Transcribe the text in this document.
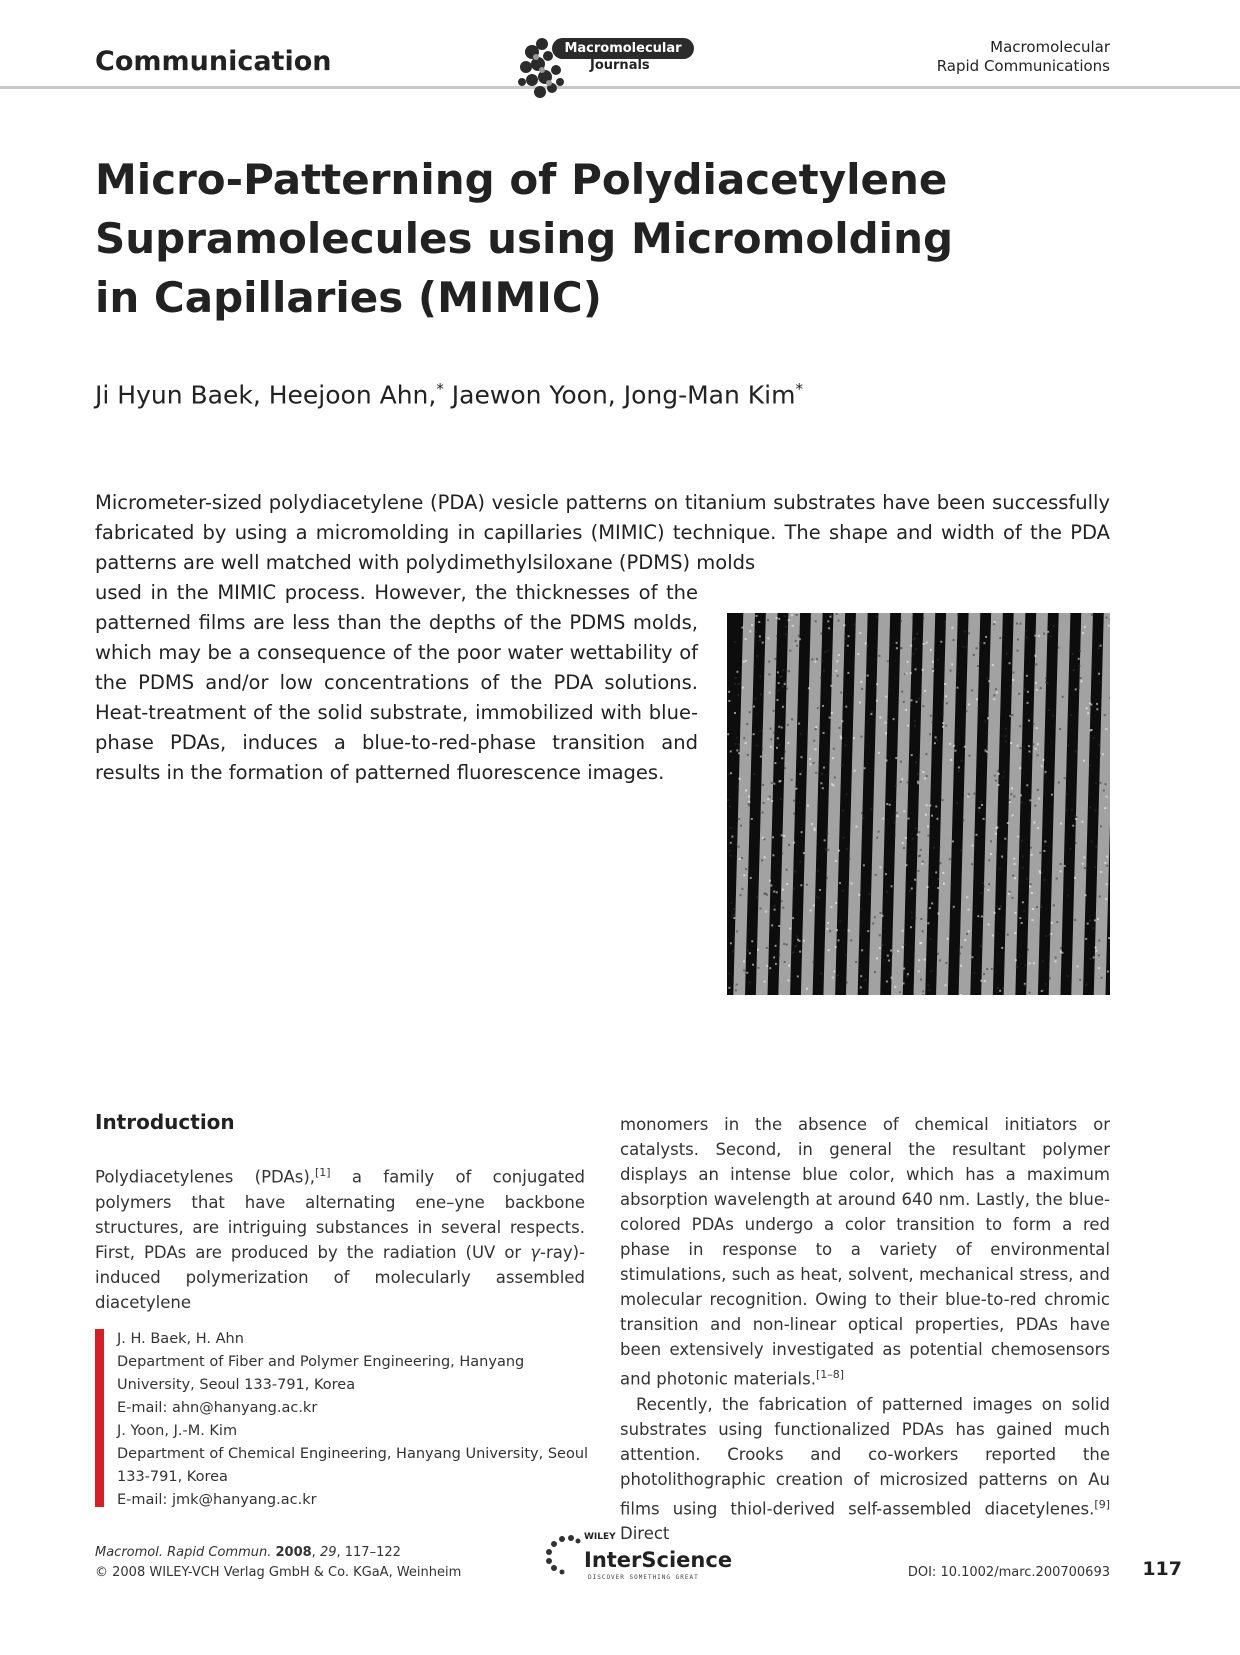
Communication	Macromolecular
Journals
Macromolecular
Rapid Communications
Micro-Patterning of Polydiacetylene Supramolecules using Micromolding in Capillaries (MIMIC)
Ji Hyun Baek, Heejoon Ahn,* Jaewon Yoon, Jong-Man Kim*
Micrometer-sized polydiacetylene (PDA) vesicle patterns on titanium substrates have been successfully fabricated by using a micromolding in capillaries (MIMIC) technique. The shape and width of the PDA patterns are well matched with polydimethylsiloxane (PDMS) molds
used in the MIMIC process. However, the thicknesses of the patterned films are less than the depths of the PDMS molds, which may be a consequence of the poor water wettability of the PDMS and/or low concentrations of the PDA solutions. Heat-treatment of the solid substrate, immobilized with blue-phase PDAs, induces a blue-to-red-phase transition and results in the formation of patterned fluorescence images.
Introduction

Polydiacetylenes (PDAs),[1] a family of conjugated polymers that have alternating ene–yne backbone structures, are intriguing substances in several respects. First, PDAs are produced by the radiation (UV or γ-ray)-induced polymerization of molecularly assembled diacetylene

monomers in the absence of chemical initiators or catalysts. Second, in general the resultant polymer displays an intense blue color, which has a maximum absorption wavelength at around 640 nm. Lastly, the blue-colored PDAs undergo a color transition to form a red phase in response to a variety of environmental stimulations, such as heat, solvent, mechanical stress, and molecular recognition. Owing to their blue-to-red chromic transition and non-linear optical properties, PDAs have been extensively investigated as potential chemosensors and photonic materials.[1–8]

Recently, the fabrication of patterned images on solid substrates using functionalized PDAs has gained much attention. Crooks and co-workers reported the photolithographic creation of microsized patterns on Au films using thiol-derived self-assembled diacetylenes.[9] Direct

J. H. Baek, H. Ahn
Department of Fiber and Polymer Engineering, Hanyang
University, Seoul 133-791, Korea
E-mail: ahn@hanyang.ac.kr
J. Yoon, J.-M. Kim
Department of Chemical Engineering, Hanyang University, Seoul
133-791, Korea
E-mail: jmk@hanyang.ac.kr
Macromol. Rapid Commun. 2008, 29, 117–122
© 2008 WILEY-VCH Verlag GmbH & Co. KGaA, Weinheim
WILEY
InterScience
DISCOVER SOMETHING GREAT	DOI: 10.1002/marc.200700693 117
